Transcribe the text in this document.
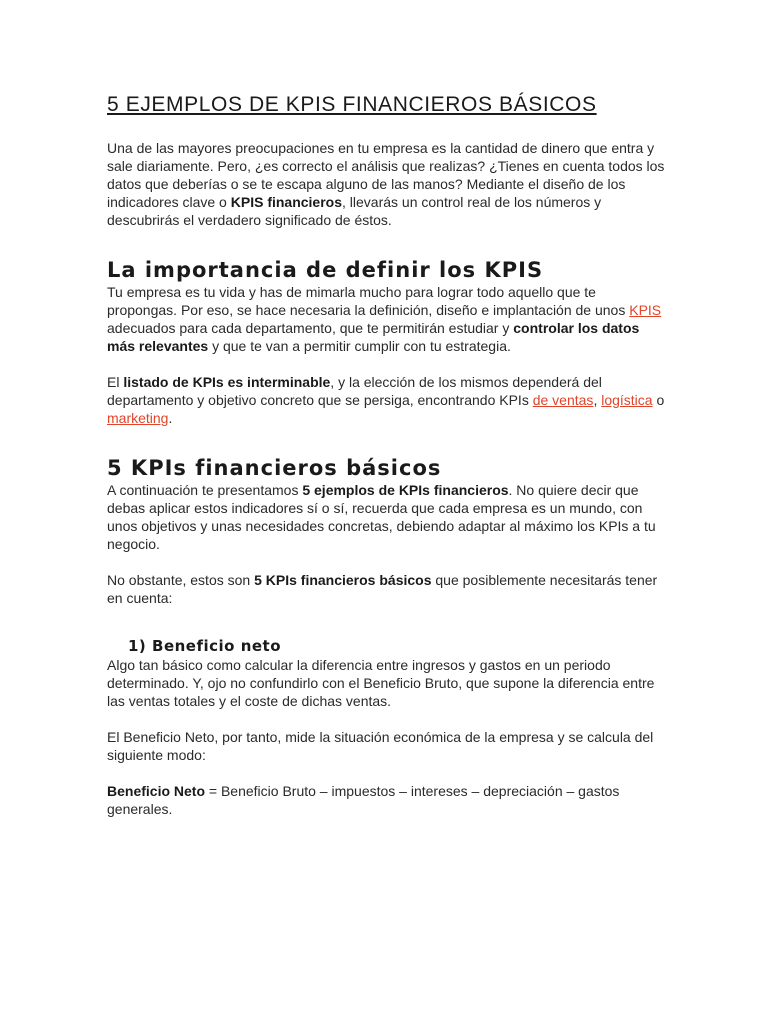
5 EJEMPLOS DE KPIS FINANCIEROS BÁSICOS

Una de las mayores preocupaciones en tu empresa es la cantidad de dinero que entra y sale diariamente. Pero, ¿es correcto el análisis que realizas? ¿Tienes en cuenta todos los datos que deberías o se te escapa alguno de las manos? Mediante el diseño de los indicadores clave o KPIS financieros, llevarás un control real de los números y descubrirás el verdadero significado de éstos.

La importancia de definir los KPIS

Tu empresa es tu vida y has de mimarla mucho para lograr todo aquello que te propongas. Por eso, se hace necesaria la definición, diseño e implantación de unos KPIS adecuados para cada departamento, que te permitirán estudiar y controlar los datos más relevantes y que te van a permitir cumplir con tu estrategia.

El listado de KPIs es interminable, y la elección de los mismos dependerá del departamento y objetivo concreto que se persiga, encontrando KPIs de ventas, logística o marketing.

5 KPIs financieros básicos

A continuación te presentamos 5 ejemplos de KPIs financieros. No quiere decir que debas aplicar estos indicadores sí o sí, recuerda que cada empresa es un mundo, con unos objetivos y unas necesidades concretas, debiendo adaptar al máximo los KPIs a tu negocio.

No obstante, estos son 5 KPIs financieros básicos que posiblemente necesitarás tener en cuenta:

1) Beneficio neto

Algo tan básico como calcular la diferencia entre ingresos y gastos en un periodo determinado. Y, ojo no confundirlo con el Beneficio Bruto, que supone la diferencia entre las ventas totales y el coste de dichas ventas.

El Beneficio Neto, por tanto, mide la situación económica de la empresa y se calcula del siguiente modo:

Beneficio Neto = Beneficio Bruto – impuestos – intereses – depreciación – gastos generales.
